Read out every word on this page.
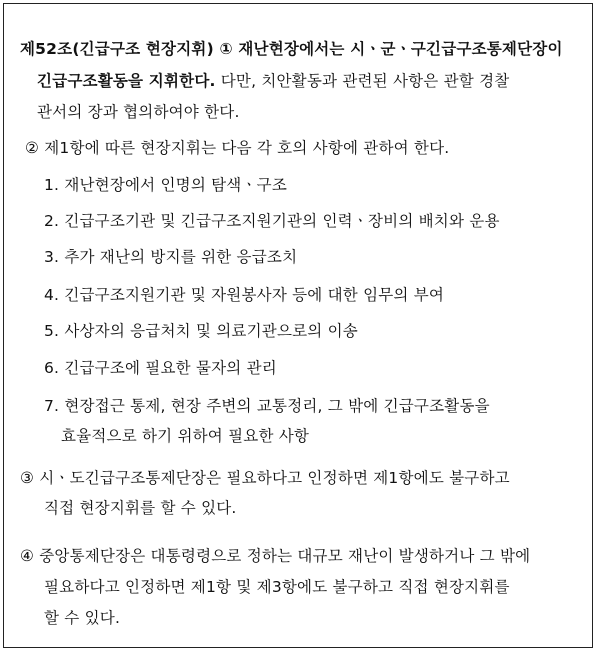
제52조(긴급구조 현장지휘) ① 재난현장에서는 시ㆍ군ㆍ구긴급구조통제단장이
긴급구조활동을 지휘한다. 다만, 치안활동과 관련된 사항은 관할 경찰
관서의 장과 협의하여야 한다.
② 제1항에 따른 현장지휘는 다음 각 호의 사항에 관하여 한다.
1. 재난현장에서 인명의 탐색ㆍ구조
2. 긴급구조기관 및 긴급구조지원기관의 인력ㆍ장비의 배치와 운용
3. 추가 재난의 방지를 위한 응급조치
4. 긴급구조지원기관 및 자원봉사자 등에 대한 임무의 부여
5. 사상자의 응급처치 및 의료기관으로의 이송
6. 긴급구조에 필요한 물자의 관리
7. 현장접근 통제, 현장 주변의 교통정리, 그 밖에 긴급구조활동을
효율적으로 하기 위하여 필요한 사항
③ 시ㆍ도긴급구조통제단장은 필요하다고 인정하면 제1항에도 불구하고
직접 현장지휘를 할 수 있다.
④ 중앙통제단장은 대통령령으로 정하는 대규모 재난이 발생하거나 그 밖에
필요하다고 인정하면 제1항 및 제3항에도 불구하고 직접 현장지휘를
할 수 있다.
